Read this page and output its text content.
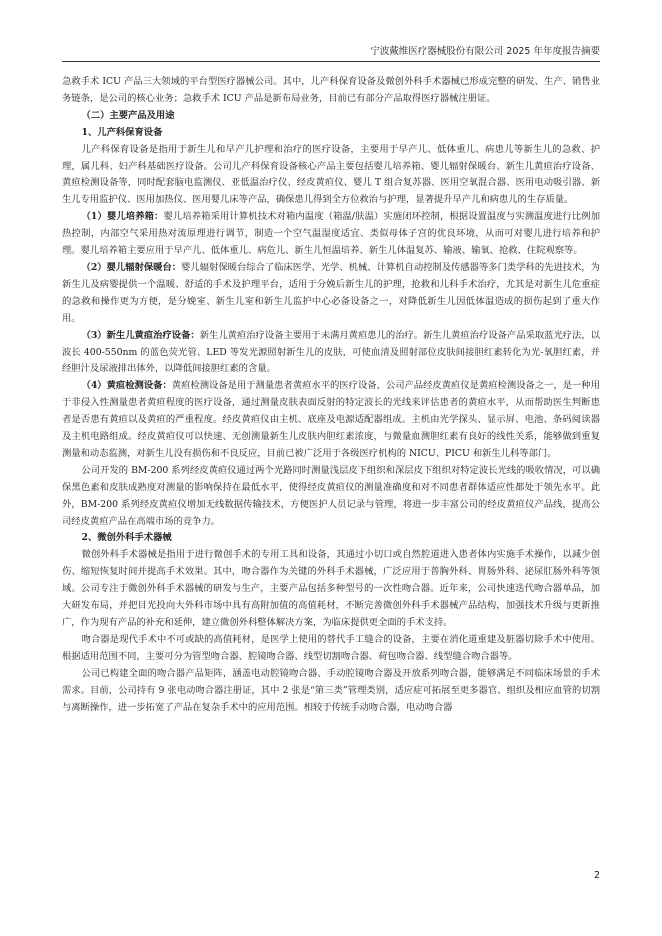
宁波戴维医疗器械股份有限公司 2025 年年度报告摘要

急救手术 ICU 产品三大领域的平台型医疗器械公司。其中，儿产科保育设备及微创外科手术器械已形成完整的研发、生产、销售业务链条，是公司的核心业务；急救手术 ICU 产品是新布局业务，目前已有部分产品取得医疗器械注册证。

（二）主要产品及用途

1、儿产科保育设备

儿产科保育设备是指用于新生儿和早产儿护理和治疗的医疗设备，主要用于早产儿、低体重儿、病患儿等新生儿的急救、护理，属儿科、妇产科基础医疗设备。公司儿产科保育设备核心产品主要包括婴儿培养箱、婴儿辐射保暖台、新生儿黄疸治疗设备、黄疸检测设备等，同时配套脑电监测仪、亚低温治疗仪、经皮黄疸仪、婴儿 T 组合复苏器、医用空氧混合器、医用电动吸引器、新生儿专用监护仪、医用加热仪、医用婴儿床等产品，确保患儿得到全方位救治与护理，显著提升早产儿和病患儿的生存质量。

（1）婴儿培养箱：婴儿培养箱采用计算机技术对箱内温度（箱温/肤温）实施闭环控制，根据设置温度与实测温度进行比例加热控制，内部空气采用热对流原理进行调节，制造一个空气温湿度适宜、类似母体子宫的优良环境，从而可对婴儿进行培养和护理。婴儿培养箱主要应用于早产儿、低体重儿、病危儿、新生儿恒温培养、新生儿体温复苏、输液、输氧、抢救、住院观察等。

（2）婴儿辐射保暖台：婴儿辐射保暖台综合了临床医学、光学、机械、计算机自动控制及传感器等多门类学科的先进技术，为新生儿及病婴提供一个温暖、舒适的手术及护理平台，适用于分娩后新生儿的护理，抢救和儿科手术治疗，尤其是对新生儿危重症的急救和操作更为方便，是分娩室、新生儿室和新生儿监护中心必备设备之一，对降低新生儿因低体温造成的损伤起到了重大作用。

（3）新生儿黄疸治疗设备：新生儿黄疸治疗设备主要用于未满月黄疸患儿的治疗。新生儿黄疸治疗设备产品采取蓝光疗法，以波长 400-550nm 的蓝色荧光管、LED 等发光源照射新生儿的皮肤，可使血清及照射部位皮肤间接胆红素转化为光-氧胆红素，并经胆汁及尿液排出体外，以降低间接胆红素的含量。

（4）黄疸检测设备：黄疸检测设备是用于测量患者黄疸水平的医疗设备，公司产品经皮黄疸仪是黄疸检测设备之一，是一种用于非侵入性测量患者黄疸程度的医疗设备，通过测量皮肤表面反射的特定波长的光线来评估患者的黄疸水平，从而帮助医生判断患者是否患有黄疸以及黄疸的严重程度。经皮黄疸仪由主机、底座及电源适配器组成。主机由光学探头、显示屏、电池、条码阅读器及主机电路组成。经皮黄疸仪可以快速、无创测量新生儿皮肤内胆红素浓度，与微量血测胆红素有良好的线性关系，能够做到重复测量和动态监测，对新生儿没有损伤和不良反应，目前已被广泛用于各级医疗机构的 NICU、PICU 和新生儿科等部门。

公司开发的 BM-200 系列经皮黄疸仪通过两个光路同时测量浅层皮下组织和深层皮下组织对特定波长光线的吸收情况，可以确保黑色素和皮肤成熟度对测量的影响保持在最低水平，使得经皮黄疸仪的测量准确度和对不同患者群体适应性都处于领先水平。此外，BM-200 系列经皮黄疸仪增加无线数据传输技术，方便医护人员记录与管理，将进一步丰富公司的经皮黄疸仪产品线，提高公司经皮黄疸产品在高端市场的竞争力。

2、微创外科手术器械

微创外科手术器械是指用于进行微创手术的专用工具和设备，其通过小切口或自然腔道进入患者体内实施手术操作，以减少创伤、缩短恢复时间并提高手术效果。其中，吻合器作为关键的外科手术器械，广泛应用于普胸外科、胃肠外科、泌尿肛肠外科等领域。公司专注于微创外科手术器械的研发与生产，主要产品包括多种型号的一次性吻合器。近年来，公司快速迭代吻合器单品，加大研发布局，并把目光投向大外科市场中具有高附加值的高值耗材，不断完善微创外科手术器械产品结构，加强技术升级与更新推广，作为现有产品的补充和延伸，建立微创外科整体解决方案，为临床提供更全面的手术支持。

吻合器是现代手术中不可或缺的高值耗材，是医学上使用的替代手工缝合的设备，主要在消化道重建及脏器切除手术中使用。根据适用范围不同，主要可分为管型吻合器、腔镜吻合器、线型切割吻合器、荷包吻合器、线型缝合吻合器等。

公司已构建全面的吻合器产品矩阵，涵盖电动腔镜吻合器、手动腔镜吻合器及开放系列吻合器，能够满足不同临床场景的手术需求。目前，公司持有 9 张电动吻合器注册证，其中 2 张是“第三类”管理类别，适应症可拓展至更多器官、组织及相应血管的切割与离断操作，进一步拓宽了产品在复杂手术中的应用范围。相较于传统手动吻合器，电动吻合器

2
